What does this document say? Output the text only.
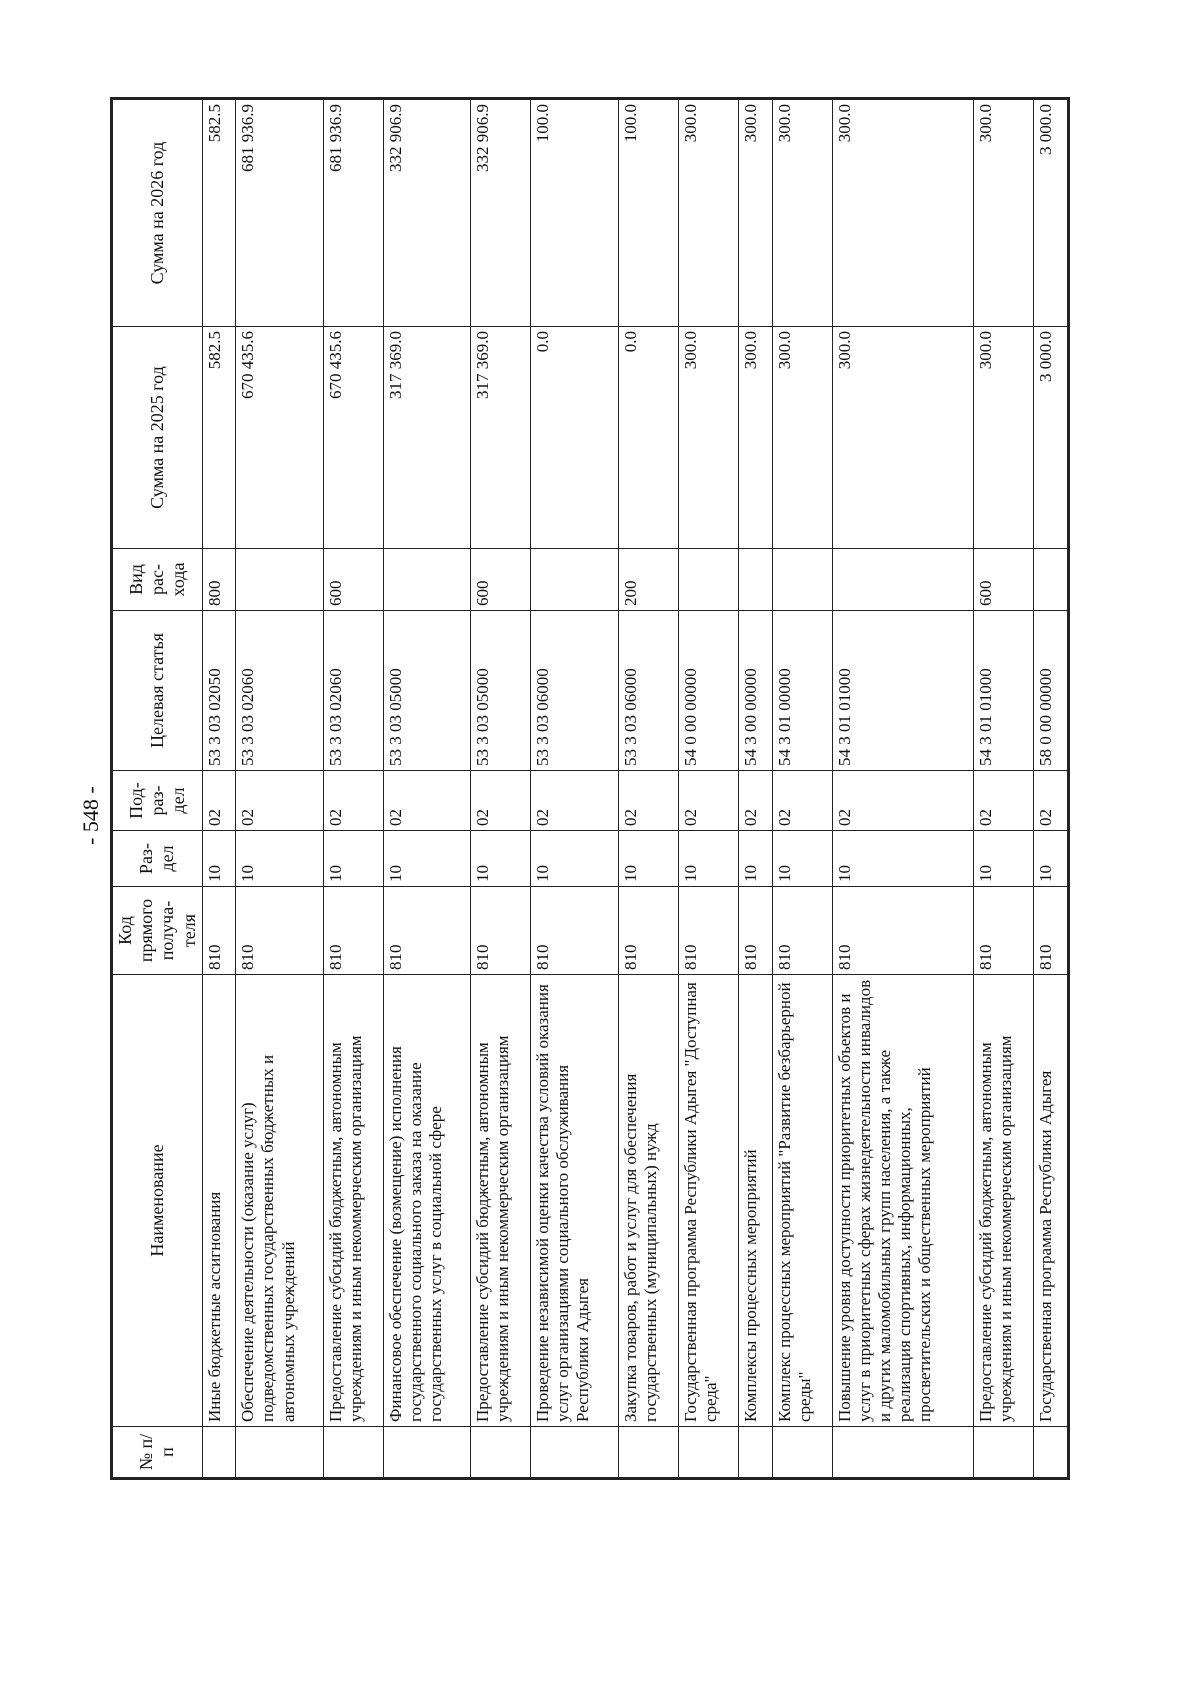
- 548 -
№ п/п	Наименование	Код прямого получа-теля	Раз-дел	Под-раз-дел	Целевая статья	Вид рас-хода	Сумма на 2025 год	Сумма на 2026 год
	Иные бюджетные ассигнования	810	10	02	53 3 03 02050	800	582.5	582.5
	Обеспечение деятельности (оказание услуг) подведомственных государственных бюджетных и автономных учреждений	810	10	02	53 3 03 02060		670 435.6	681 936.9
	Предоставление субсидий бюджетным, автономным учреждениям и иным некоммерческим организациям	810	10	02	53 3 03 02060	600	670 435.6	681 936.9
	Финансовое обеспечение (возмещение) исполнения государственного социального заказа на оказание государственных услуг в социальной сфере	810	10	02	53 3 03 05000		317 369.0	332 906.9
	Предоставление субсидий бюджетным, автономным учреждениям и иным некоммерческим организациям	810	10	02	53 3 03 05000	600	317 369.0	332 906.9
	Проведение независимой оценки качества условий оказания услуг организациями социального обслуживания Республики Адыгея	810	10	02	53 3 03 06000		0.0	100.0
	Закупка товаров, работ и услуг для обеспечения государственных (муниципальных) нужд	810	10	02	53 3 03 06000	200	0.0	100.0
	Государственная программа Республики Адыгея "Доступная среда"	810	10	02	54 0 00 00000		300.0	300.0
	Комплексы процессных мероприятий	810	10	02	54 3 00 00000		300.0	300.0
	Комплекс процессных мероприятий "Развитие безбарьерной среды"	810	10	02	54 3 01 00000		300.0	300.0
	Повышение уровня доступности приоритетных объектов и услуг в приоритетных сферах жизнедеятельности инвалидов и других маломобильных групп населения, а также реализация спортивных, информационных, просветительских и общественных мероприятий	810	10	02	54 3 01 01000		300.0	300.0
	Предоставление субсидий бюджетным, автономным учреждениям и иным некоммерческим организациям	810	10	02	54 3 01 01000	600	300.0	300.0
	Государственная программа Республики Адыгея	810	10	02	58 0 00 00000		3 000.0	3 000.0
